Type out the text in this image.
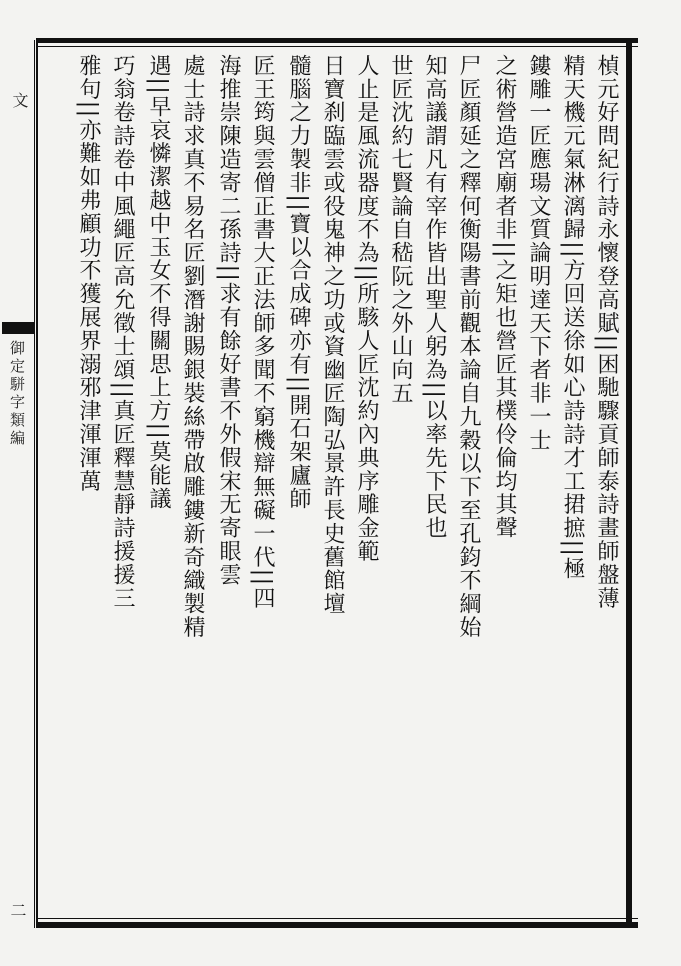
文
御定駢字類編
二
楨元好問紀行詩永懷登高賦||困馳驟貢師泰詩畫師盤薄
精天機元氣淋漓歸||方回送徐如心詩詩才工捃摭||極
鏤雕一匠應瑒文質論明達天下者非一士
之術營造宮廟者非||之矩也營匠其樸伶倫均其聲
尸匠顏延之釋何衡陽書前觀本論自九穀以下至孔鈞不綱始
知高議謂凡有宰作皆出聖人躬為||以率先下民也
世匠沈約七賢論自嵇阮之外山向五
人止是風流器度不為||所駭人匠沈約內典序雕金範
日寶刹臨雲或役鬼神之功或資幽匠陶弘景許長史舊館壇
髓腦之力製非||寶以合成碑亦有||開石架廬師
匠王筠與雲僧正書大正法師多聞不窮機辯無礙一代||四
海推崇陳造寄二孫詩||求有餘好書不外假宋无寄眼雲
處士詩求真不易名匠劉潛謝賜銀裝絲帶啟雕鏤新奇織製精
遇||早哀憐潔越中玉女不得關思上方||莫能議
巧翁卷詩卷中風繩匠高允徵士頌||真匠釋慧靜詩援援三
雅句||亦難如弗顧功不獲展界溺邪津渾渾萬
